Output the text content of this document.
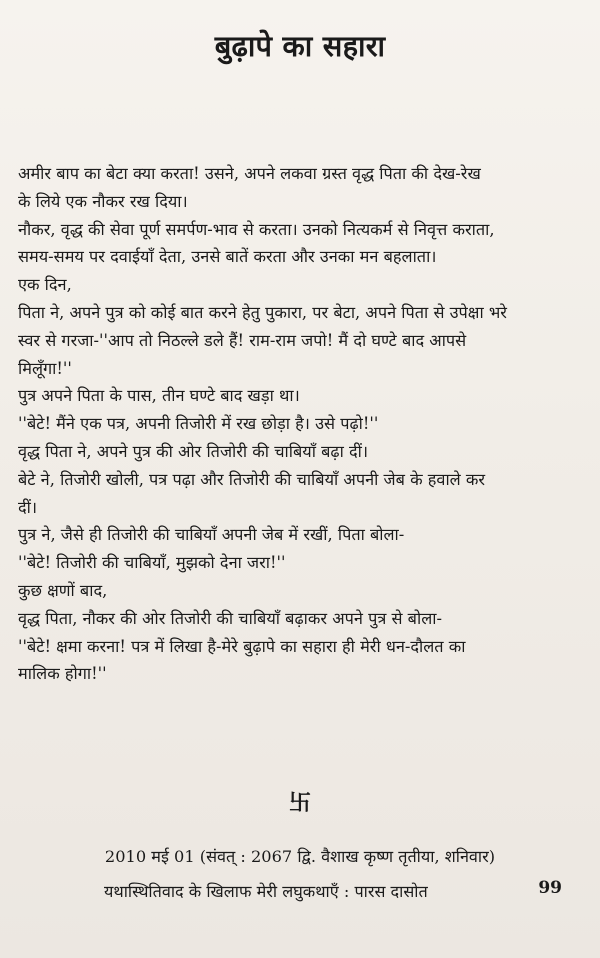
बुढ़ापे का सहारा
अमीर बाप का बेटा क्या करता! उसने, अपने लकवा ग्रस्त वृद्ध पिता की देख-रेख
के लिये एक नौकर रख दिया।
नौकर, वृद्ध की सेवा पूर्ण समर्पण-भाव से करता। उनको नित्यकर्म से निवृत्त कराता,
समय-समय पर दवाईयाँ देता, उनसे बातें करता और उनका मन बहलाता।
एक दिन,
पिता ने, अपने पुत्र को कोई बात करने हेतु पुकारा, पर बेटा, अपने पिता से उपेक्षा भरे
स्वर से गरजा-''आप तो निठल्ले डले हैं! राम-राम जपो! मैं दो घण्टे बाद आपसे
मिलूँगा!''
पुत्र अपने पिता के पास, तीन घण्टे बाद खड़ा था।
''बेटे! मैंने एक पत्र, अपनी तिजोरी में रख छोड़ा है। उसे पढ़ो!''
वृद्ध पिता ने, अपने पुत्र की ओर तिजोरी की चाबियाँ बढ़ा दीं।
बेटे ने, तिजोरी खोली, पत्र पढ़ा और तिजोरी की चाबियाँ अपनी जेब के हवाले कर
दीं।
पुत्र ने, जैसे ही तिजोरी की चाबियाँ अपनी जेब में रखीं, पिता बोला-
''बेटे! तिजोरी की चाबियाँ, मुझको देना जरा!''
कुछ क्षणों बाद,
वृद्ध पिता, नौकर की ओर तिजोरी की चाबियाँ बढ़ाकर अपने पुत्र से बोला-
''बेटे! क्षमा करना! पत्र में लिखा है-मेरे बुढ़ापे का सहारा ही मेरी धन-दौलत का
मालिक होगा!''
卐
2010 मई 01 (संवत् : 2067 द्वि. वैशाख कृष्ण तृतीया, शनिवार)
यथास्थितिवाद के खिलाफ मेरी लघुकथाएँ : पारस दासोत	99
